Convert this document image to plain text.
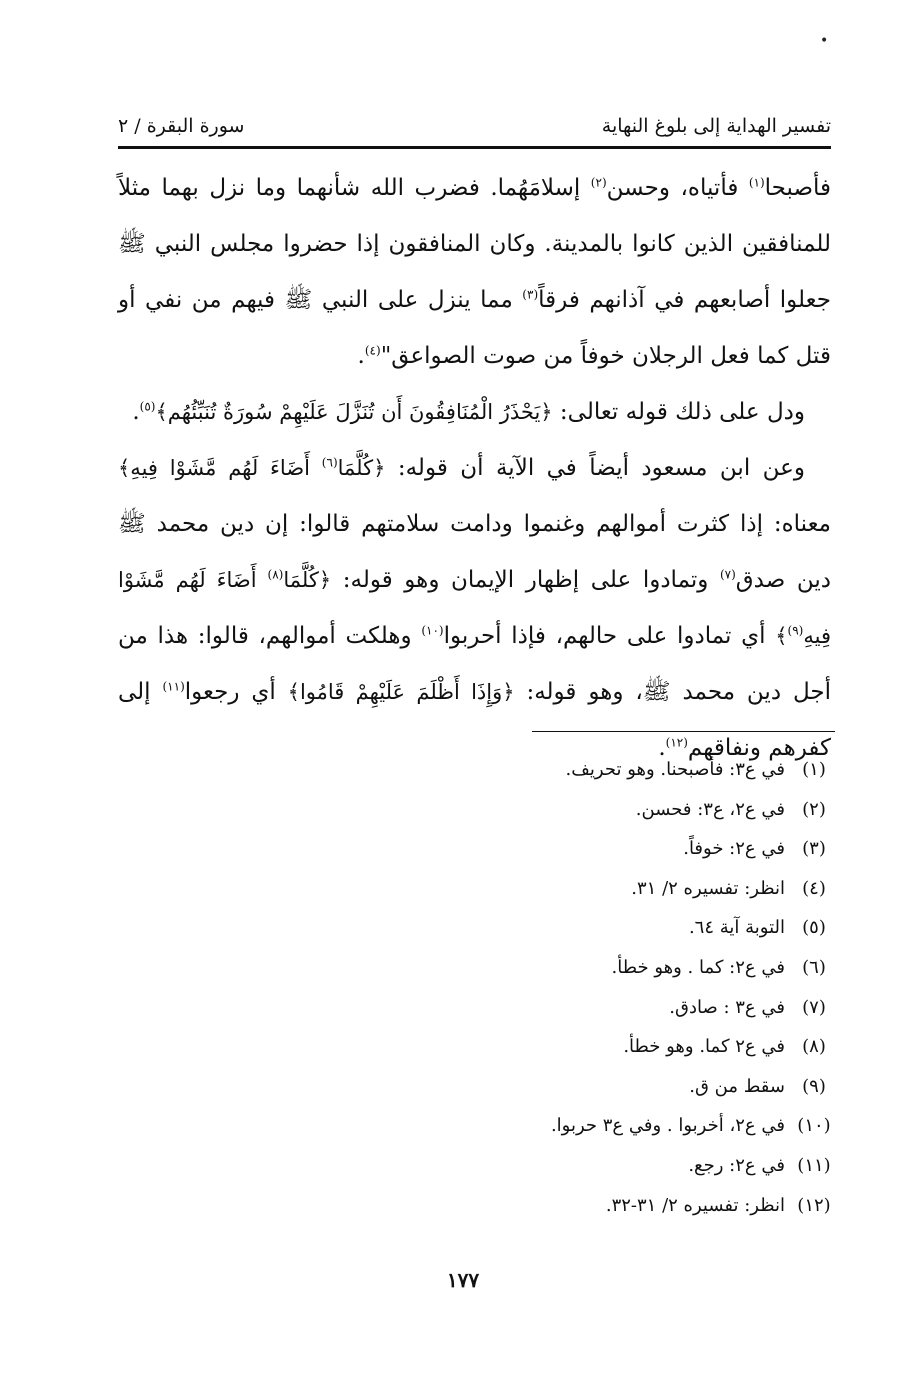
•
تفسير الهداية إلى بلوغ النهاية
سورة البقرة / ٢

فأصبحا$^{(١)}$ فأتياه، وحسن$^{(٢)}$ إسلامَهُما. فضرب الله شأنهما وما نزل بهما مثلاً للمنافقين الذين كانوا بالمدينة. وكان المنافقون إذا حضروا مجلس النبي ﷺ جعلوا أصابعهم في آذانهم فرقاً$^{(٣)}$ مما ينزل على النبي ﷺ فيهم من نفي أو قتل كما فعل الرجلان خوفاً من صوت الصواعق"$^{(٤)}$.

ودل على ذلك قوله تعالى: ﴿يَحْذَرُ الْمُنَافِقُونَ أَن تُنَزَّلَ عَلَيْهِمْ سُورَةٌ تُنَبِّئُهُم﴾$^{(٥)}$.

وعن ابن مسعود أيضاً في الآية أن قوله: ﴿كُلَّمَا$^{(٦)}$ أَضَاءَ لَهُم مَّشَوْا فِيهِ﴾ معناه: إذا كثرت أموالهم وغنموا ودامت سلامتهم قالوا: إن دين محمد ﷺ دين صدق$^{(٧)}$ وتمادوا على إظهار الإيمان وهو قوله: ﴿كُلَّمَا$^{(٨)}$ أَضَاءَ لَهُم مَّشَوْا فِيهِ$^{(٩)}$﴾ أي تمادوا على حالهم، فإذا أحربوا$^{(١٠)}$ وهلكت أموالهم، قالوا: هذا من أجل دين محمد ﷺ، وهو قوله: ﴿وَإِذَا أَظْلَمَ عَلَيْهِمْ قَامُوا﴾ أي رجعوا$^{(١١)}$ إلى كفرهم ونفاقهم$^{(١٢)}$.

(١)
في ع٣: فأصبحنا. وهو تحريف.
(٢)
في ع٢، ع٣: فحسن.
(٣)
في ع٢: خوفاً.
(٤)
انظر: تفسيره ٢/ ٣١.
(٥)
التوبة آية ٦٤.
(٦)
في ع٢: كما . وهو خطأ.
(٧)
في ع٣ : صادق.
(٨)
في ع٢ كما. وهو خطأ.
(٩)
سقط من ق.
(١٠)
في ع٢، أخربوا . وفي ع٣ حربوا.
(١١)
في ع٢: رجع.
(١٢)
انظر: تفسيره ٢/ ٣١-٣٢.
١٧٧
